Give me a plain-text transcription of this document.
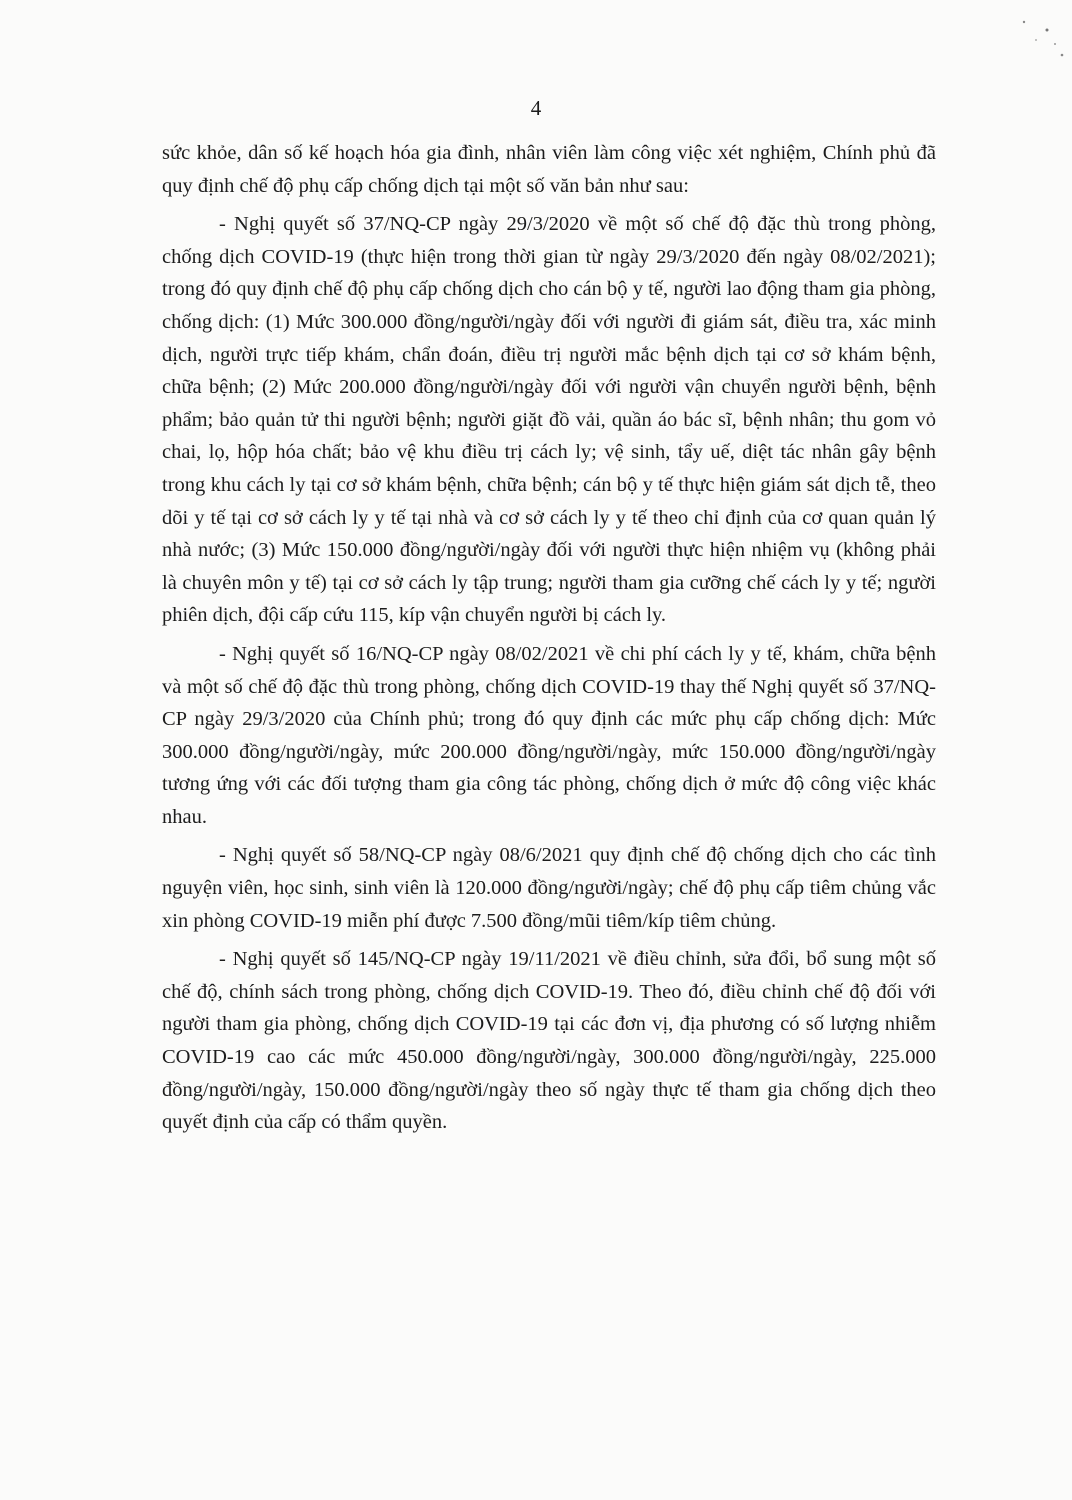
4

sức khỏe, dân số kế hoạch hóa gia đình, nhân viên làm công việc xét nghiệm, Chính phủ đã quy định chế độ phụ cấp chống dịch tại một số văn bản như sau:

- Nghị quyết số 37/NQ-CP ngày 29/3/2020 về một số chế độ đặc thù trong phòng, chống dịch COVID-19 (thực hiện trong thời gian từ ngày 29/3/2020 đến ngày 08/02/2021); trong đó quy định chế độ phụ cấp chống dịch cho cán bộ y tế, người lao động tham gia phòng, chống dịch: (1) Mức 300.000 đồng/người/ngày đối với người đi giám sát, điều tra, xác minh dịch, người trực tiếp khám, chẩn đoán, điều trị người mắc bệnh dịch tại cơ sở khám bệnh, chữa bệnh; (2) Mức 200.000 đồng/người/ngày đối với người vận chuyển người bệnh, bệnh phẩm; bảo quản tử thi người bệnh; người giặt đồ vải, quần áo bác sĩ, bệnh nhân; thu gom vỏ chai, lọ, hộp hóa chất; bảo vệ khu điều trị cách ly; vệ sinh, tẩy uế, diệt tác nhân gây bệnh trong khu cách ly tại cơ sở khám bệnh, chữa bệnh; cán bộ y tế thực hiện giám sát dịch tễ, theo dõi y tế tại cơ sở cách ly y tế tại nhà và cơ sở cách ly y tế theo chỉ định của cơ quan quản lý nhà nước; (3) Mức 150.000 đồng/người/ngày đối với người thực hiện nhiệm vụ (không phải là chuyên môn y tế) tại cơ sở cách ly tập trung; người tham gia cưỡng chế cách ly y tế; người phiên dịch, đội cấp cứu 115, kíp vận chuyển người bị cách ly.

- Nghị quyết số 16/NQ-CP ngày 08/02/2021 về chi phí cách ly y tế, khám, chữa bệnh và một số chế độ đặc thù trong phòng, chống dịch COVID-19 thay thế Nghị quyết số 37/NQ-CP ngày 29/3/2020 của Chính phủ; trong đó quy định các mức phụ cấp chống dịch: Mức 300.000 đồng/người/ngày, mức 200.000 đồng/người/ngày, mức 150.000 đồng/người/ngày tương ứng với các đối tượng tham gia công tác phòng, chống dịch ở mức độ công việc khác nhau.

- Nghị quyết số 58/NQ-CP ngày 08/6/2021 quy định chế độ chống dịch cho các tình nguyện viên, học sinh, sinh viên là 120.000 đồng/người/ngày; chế độ phụ cấp tiêm chủng vắc xin phòng COVID-19 miễn phí được 7.500 đồng/mũi tiêm/kíp tiêm chủng.

- Nghị quyết số 145/NQ-CP ngày 19/11/2021 về điều chỉnh, sửa đổi, bổ sung một số chế độ, chính sách trong phòng, chống dịch COVID-19. Theo đó, điều chỉnh chế độ đối với người tham gia phòng, chống dịch COVID-19 tại các đơn vị, địa phương có số lượng nhiễm COVID-19 cao các mức 450.000 đồng/người/ngày, 300.000 đồng/người/ngày, 225.000 đồng/người/ngày, 150.000 đồng/người/ngày theo số ngày thực tế tham gia chống dịch theo quyết định của cấp có thẩm quyền.
